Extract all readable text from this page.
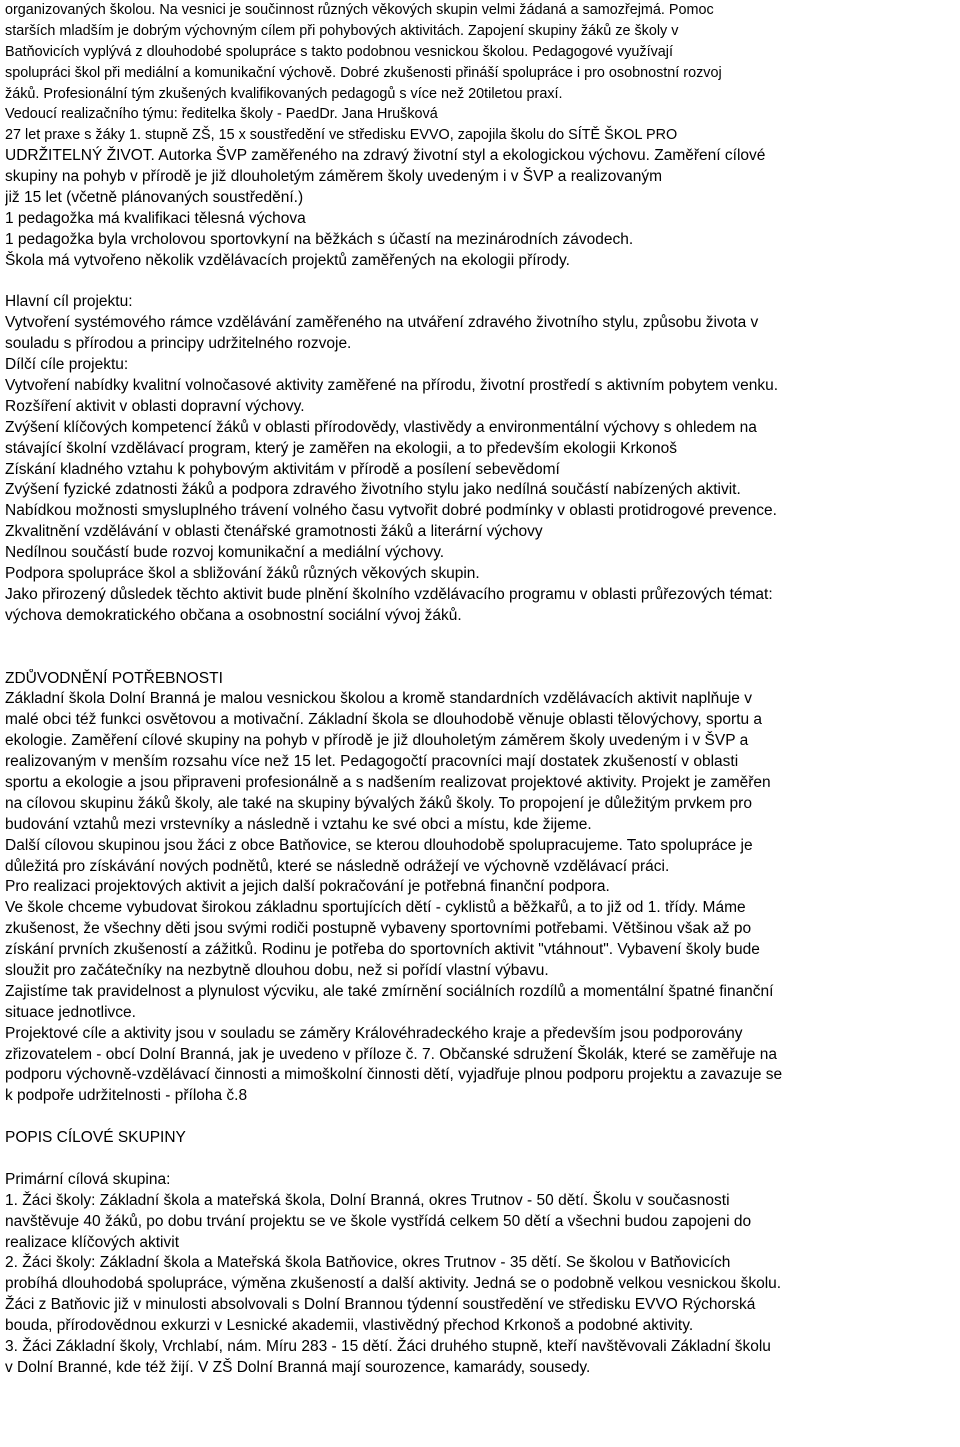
organizovaných školou. Na vesnici je součinnost různých věkových skupin velmi žádaná a samozřejmá. Pomoc
starších mladším je dobrým výchovným cílem při pohybových aktivitách. Zapojení skupiny žáků ze školy v
Batňovicích vyplývá z dlouhodobé spolupráce s takto podobnou vesnickou školou. Pedagogové využívají
spolupráci škol při mediální a komunikační výchově. Dobré zkušenosti přináší spolupráce i pro osobnostní rozvoj
žáků. Profesionální tým zkušených kvalifikovaných pedagogů s více než 20tiletou praxí.
Vedoucí realizačního týmu: ředitelka školy - PaedDr. Jana Hrušková
27 let praxe s žáky 1. stupně ZŠ, 15 x soustředění ve středisku EVVO, zapojila školu do SÍTĚ ŠKOL PRO
UDRŽITELNÝ ŽIVOT. Autorka ŠVP zaměřeného na zdravý životní styl a ekologickou výchovu. Zaměření cílové
skupiny na pohyb v přírodě je již dlouholetým záměrem školy uvedeným i v ŠVP a realizovaným
již 15 let (včetně plánovaných soustředění.)
1 pedagožka má kvalifikaci tělesná výchova
1 pedagožka byla vrcholovou sportovkyní na běžkách s účastí na mezinárodních závodech.
Škola má vytvořeno několik vzdělávacích projektů zaměřených na ekologii přírody.
Hlavní cíl projektu:
Vytvoření systémového rámce vzdělávání zaměřeného na utváření zdravého životního stylu, způsobu života v
souladu s přírodou a principy udržitelného rozvoje.
Dílčí cíle projektu:
Vytvoření nabídky kvalitní volnočasové aktivity zaměřené na přírodu, životní prostředí s aktivním pobytem venku.
Rozšíření aktivit v oblasti dopravní výchovy.
Zvýšení klíčových kompetencí žáků v oblasti přírodovědy, vlastivědy a environmentální výchovy s ohledem na
stávající školní vzdělávací program, který je zaměřen na ekologii, a to především ekologii Krkonoš
Získání kladného vztahu k pohybovým aktivitám v přírodě a posílení sebevědomí
Zvýšení fyzické zdatnosti žáků a podpora zdravého životního stylu jako nedílná součástí nabízených aktivit.
Nabídkou možnosti smysluplného trávení volného času vytvořit dobré podmínky v oblasti protidrogové prevence.
Zkvalitnění vzdělávání v oblasti čtenářské gramotnosti žáků a literární výchovy
Nedílnou součástí bude rozvoj komunikační a mediální výchovy.
Podpora spolupráce škol a sbližování žáků různých věkových skupin.
Jako přirozený důsledek těchto aktivit bude plnění školního vzdělávacího programu v oblasti průřezových témat:
výchova demokratického občana a osobnostní sociální vývoj žáků.
ZDŮVODNĚNÍ POTŘEBNOSTI
Základní škola Dolní Branná je malou vesnickou školou a kromě standardních vzdělávacích aktivit naplňuje v
malé obci též funkci osvětovou a motivační. Základní škola se dlouhodobě věnuje oblasti tělovýchovy, sportu a
ekologie. Zaměření cílové skupiny na pohyb v přírodě je již dlouholetým záměrem školy uvedeným i v ŠVP a
realizovaným v menším rozsahu více než 15 let. Pedagogočtí pracovníci mají dostatek zkušeností v oblasti
sportu a ekologie a jsou připraveni profesionálně a s nadšením realizovat projektové aktivity. Projekt je zaměřen
na cílovou skupinu žáků školy, ale také na skupiny bývalých žáků školy. To propojení je důležitým prvkem pro
budování vztahů mezi vrstevníky a následně i vztahu ke své obci a místu, kde žijeme.
Další cílovou skupinou jsou žáci z obce Batňovice, se kterou dlouhodobě spolupracujeme. Tato spolupráce je
důležitá pro získávání nových podnětů, které se následně odrážejí ve výchovně vzdělávací práci.
Pro realizaci projektových aktivit a jejich další pokračování je potřebná finanční podpora.
Ve škole chceme vybudovat širokou základnu sportujících dětí - cyklistů a běžkařů, a to již od 1. třídy. Máme
zkušenost, že všechny děti jsou svými rodiči postupně vybaveny sportovními potřebami. Většinou však až po
získání prvních zkušeností a zážitků. Rodinu je potřeba do sportovních aktivit "vtáhnout". Vybavení školy bude
sloužit pro začátečníky na nezbytně dlouhou dobu, než si pořídí vlastní výbavu.
Zajistíme tak pravidelnost a plynulost výcviku, ale také zmírnění sociálních rozdílů a momentální špatné finanční
situace jednotlivce.
Projektové cíle a aktivity jsou v souladu se záměry Královéhradeckého kraje a především jsou podporovány
zřizovatelem - obcí Dolní Branná, jak je uvedeno v příloze č. 7. Občanské sdružení Školák, které se zaměřuje na
podporu výchovně-vzdělávací činnosti a mimoškolní činnosti dětí, vyjadřuje plnou podporu projektu a zavazuje se
k podpoře udržitelnosti - příloha č.8
POPIS CÍLOVÉ SKUPINY
Primární cílová skupina:
1. Žáci školy: Základní škola a mateřská škola, Dolní Branná, okres Trutnov - 50 dětí. Školu v současnosti
navštěvuje 40 žáků, po dobu trvání projektu se ve škole vystřídá celkem 50 dětí a všechni budou zapojeni do
realizace klíčových aktivit
2. Žáci školy: Základní škola a Mateřská škola Batňovice, okres Trutnov - 35 dětí. Se školou v Batňovicích
probíhá dlouhodobá spolupráce, výměna zkušeností a další aktivity. Jedná se o podobně velkou vesnickou školu.
Žáci z Batňovic již v minulosti absolvovali s Dolní Brannou týdenní soustředění ve středisku EVVO Rýchorská
bouda, přírodovědnou exkurzi v Lesnické akademii, vlastivědný přechod Krkonoš a podobné aktivity.
3. Žáci Základní školy, Vrchlabí, nám. Míru 283 - 15 dětí. Žáci druhého stupně, kteří navštěvovali Základní školu
v Dolní Branné, kde též žijí. V ZŠ Dolní Branná mají sourozence, kamarády, sousedy.
